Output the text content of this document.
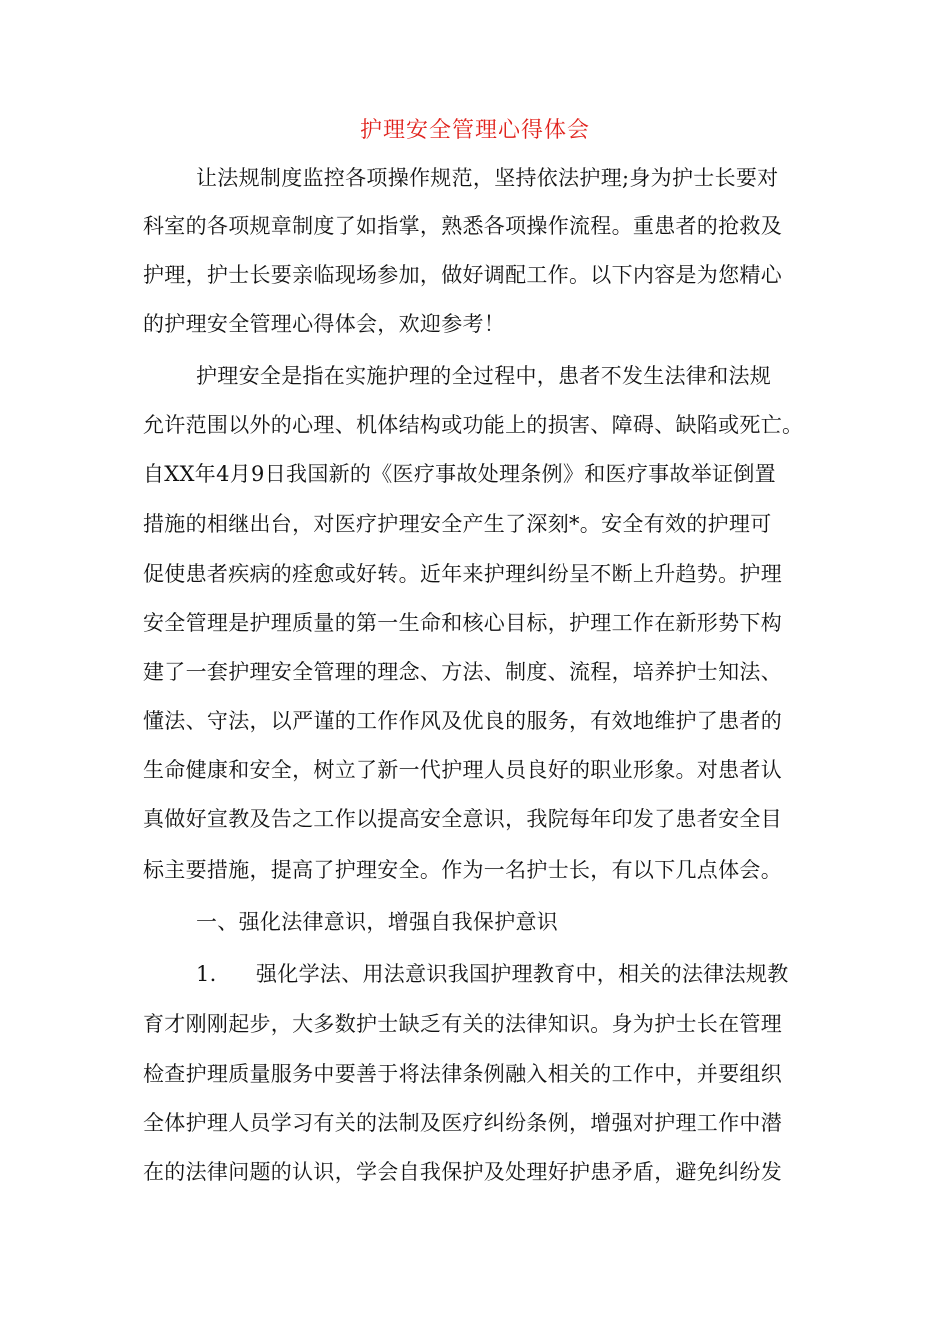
护理安全管理心得体会
让法规制度监控各项操作规范，坚持依法护理;身为护士长要对
科室的各项规章制度了如指掌，熟悉各项操作流程。重患者的抢救及
护理，护士长要亲临现场参加，做好调配工作。以下内容是为您精心
的护理安全管理心得体会，欢迎参考！
护理安全是指在实施护理的全过程中，患者不发生法律和法规
允许范围以外的心理、机体结构或功能上的损害、障碍、缺陷或死亡。
自XX年4月9日我国新的《医疗事故处理条例》和医疗事故举证倒置
措施的相继出台，对医疗护理安全产生了深刻*。安全有效的护理可
促使患者疾病的痊愈或好转。近年来护理纠纷呈不断上升趋势。护理
安全管理是护理质量的第一生命和核心目标，护理工作在新形势下构
建了一套护理安全管理的理念、方法、制度、流程，培养护士知法、
懂法、守法，以严谨的工作作风及优良的服务，有效地维护了患者的
生命健康和安全，树立了新一代护理人员良好的职业形象。对患者认
真做好宣教及告之工作以提高安全意识，我院每年印发了患者安全目
标主要措施，提高了护理安全。作为一名护士长，有以下几点体会。
一、强化法律意识，增强自我保护意识
1. 强化学法、用法意识我国护理教育中，相关的法律法规教
育才刚刚起步，大多数护士缺乏有关的法律知识。身为护士长在管理
检查护理质量服务中要善于将法律条例融入相关的工作中，并要组织
全体护理人员学习有关的法制及医疗纠纷条例，增强对护理工作中潜
在的法律问题的认识，学会自我保护及处理好护患矛盾，避免纠纷发
